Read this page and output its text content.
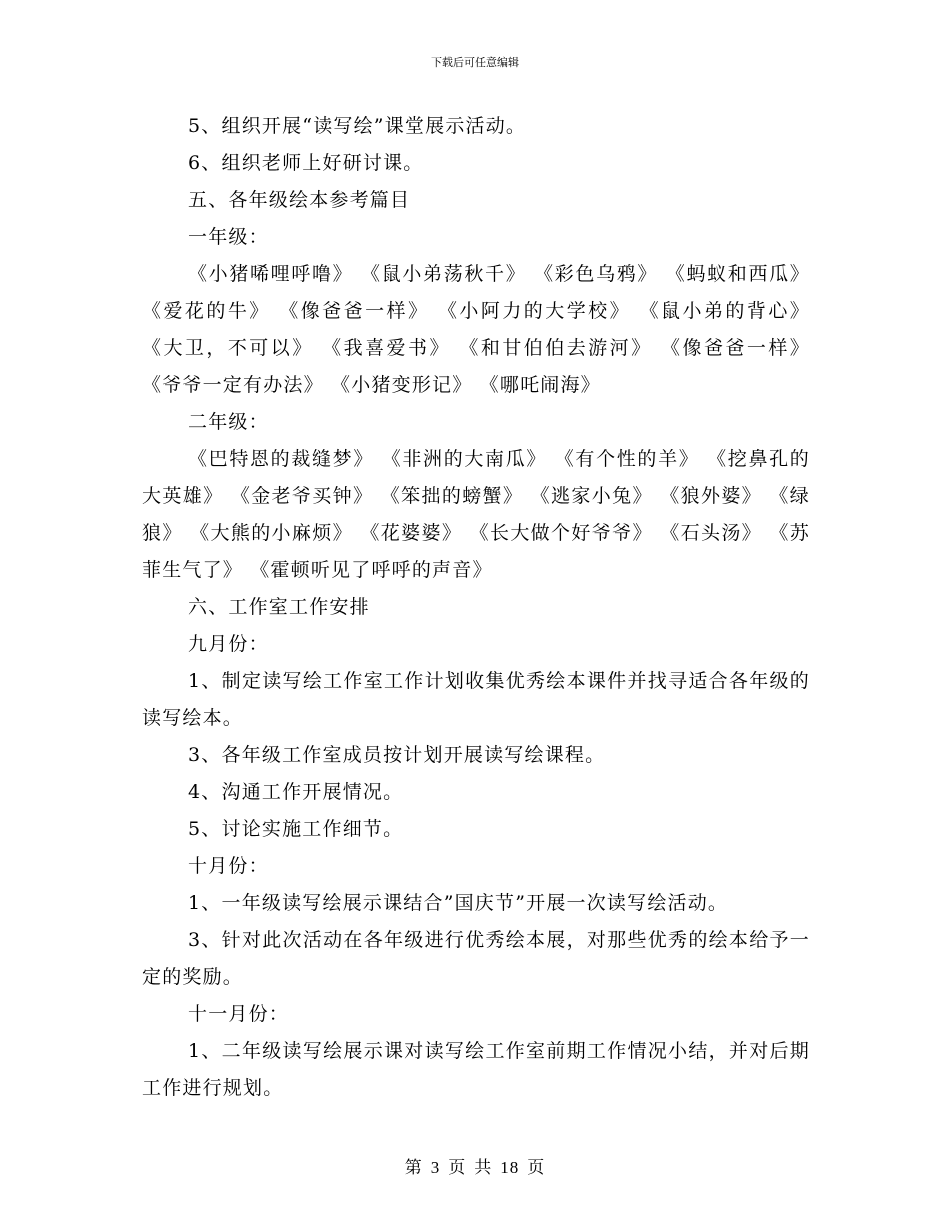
下载后可任意编辑

5、组织开展“读写绘”课堂展示活动。

6、组织老师上好研讨课。

五、各年级绘本参考篇目

一年级：

《小猪唏哩呼噜》 《鼠小弟荡秋千》 《彩色乌鸦》 《蚂蚁和西瓜》 《爱花的牛》 《像爸爸一样》 《小阿力的大学校》 《鼠小弟的背心》 《大卫，不可以》 《我喜爱书》 《和甘伯伯去游河》 《像爸爸一样》 《爷爷一定有办法》 《小猪变形记》 《哪吒闹海》

二年级：

《巴特恩的裁缝梦》 《非洲的大南瓜》 《有个性的羊》 《挖鼻孔的大英雄》 《金老爷买钟》 《笨拙的螃蟹》 《逃家小兔》 《狼外婆》 《绿狼》 《大熊的小麻烦》 《花婆婆》 《长大做个好爷爷》 《石头汤》 《苏菲生气了》 《霍顿听见了呼呼的声音》

六、工作室工作安排

九月份：

1、制定读写绘工作室工作计划收集优秀绘本课件并找寻适合各年级的读写绘本。

3、各年级工作室成员按计划开展读写绘课程。

4、沟通工作开展情况。

5、讨论实施工作细节。

十月份：

1、一年级读写绘展示课结合”国庆节”开展一次读写绘活动。

3、针对此次活动在各年级进行优秀绘本展，对那些优秀的绘本给予一定的奖励。

十一月份：

1、二年级读写绘展示课对读写绘工作室前期工作情况小结，并对后期工作进行规划。

第 3 页 共 18 页
